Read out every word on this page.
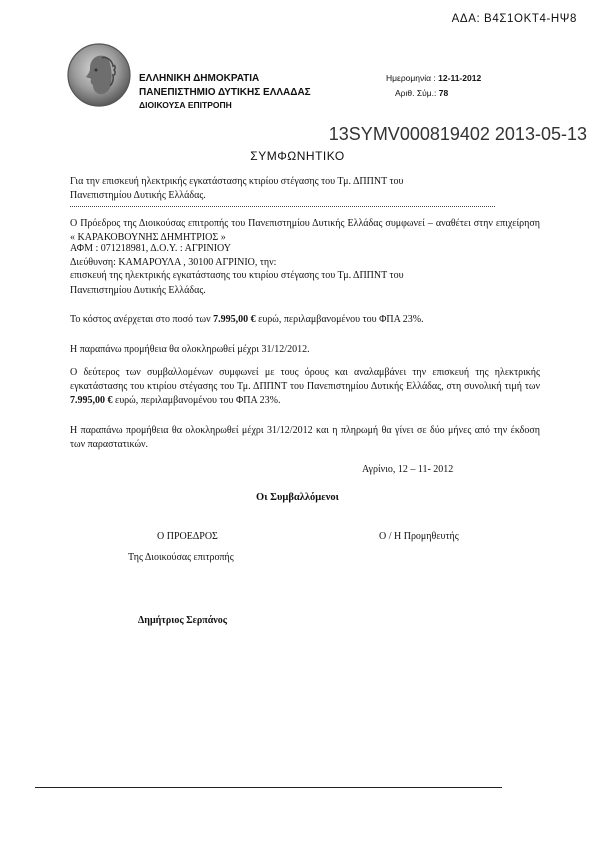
ΑΔΑ: Β4Σ1ΟΚΤ4-ΗΨ8
ΕΛΛΗΝΙΚΗ ΔΗΜΟΚΡΑΤΙΑ
ΠΑΝΕΠΙΣΤΗΜΙΟ ΔΥΤΙΚΗΣ ΕΛΛΑΔΑΣ
ΔΙΟΙΚΟΥΣΑ ΕΠΙΤΡΟΠΗ
Ημερομηνία : 12-11-2012
Αριθ. Σύμ.: 78
13SYMV000819402 2013-05-13
ΣΥΜΦΩΝΗΤΙΚΟ
Για την επισκευή ηλεκτρικής εγκατάστασης κτιρίου στέγασης του Τμ. ΔΠΠΝΤ του
Πανεπιστημίου Δυτικής Ελλάδας.
Ο Πρόεδρος της Διοικούσας επιτροπής του Πανεπιστημίου Δυτικής Ελλάδας συμφωνεί – αναθέτει στην επιχείρηση « ΚΑΡΑΚΟΒΟΥΝΗΣ ΔΗΜΗΤΡΙΟΣ »
ΑΦΜ : 071218981, Δ.Ο.Υ. : ΑΓΡΙΝΙΟΥ
Διεύθυνση: ΚΑΜΑΡΟΥΛΑ , 30100 ΑΓΡΙΝΙΟ, την:
επισκευή της ηλεκτρικής εγκατάστασης του κτιρίου στέγασης του Τμ. ΔΠΠΝΤ του
Πανεπιστημίου Δυτικής Ελλάδας.
Το κόστος ανέρχεται στο ποσό των 7.995,00 € ευρώ, περιλαμβανομένου του ΦΠΑ 23%.
Η παραπάνω προμήθεια θα ολοκληρωθεί μέχρι 31/12/2012.
Ο δεύτερος των συμβαλλομένων συμφωνεί με τους όρους και αναλαμβάνει την επισκευή της ηλεκτρικής εγκατάστασης του κτιρίου στέγασης του Τμ. ΔΠΠΝΤ του Πανεπιστημίου Δυτικής Ελλάδας, στη συνολική τιμή των 7.995,00 € ευρώ, περιλαμβανομένου του ΦΠΑ 23%.
Η παραπάνω προμήθεια θα ολοκληρωθεί μέχρι 31/12/2012 και η πληρωμή θα γίνει σε δύο μήνες από την έκδοση των παραστατικών.
Αγρίνιο, 12 – 11- 2012
Οι Συμβαλλόμενοι
Ο ΠΡΟΕΔΡΟΣ	Ο / Η Προμηθευτής
Της Διοικούσας επιτροπής
Δημήτριος Σερπάνος
